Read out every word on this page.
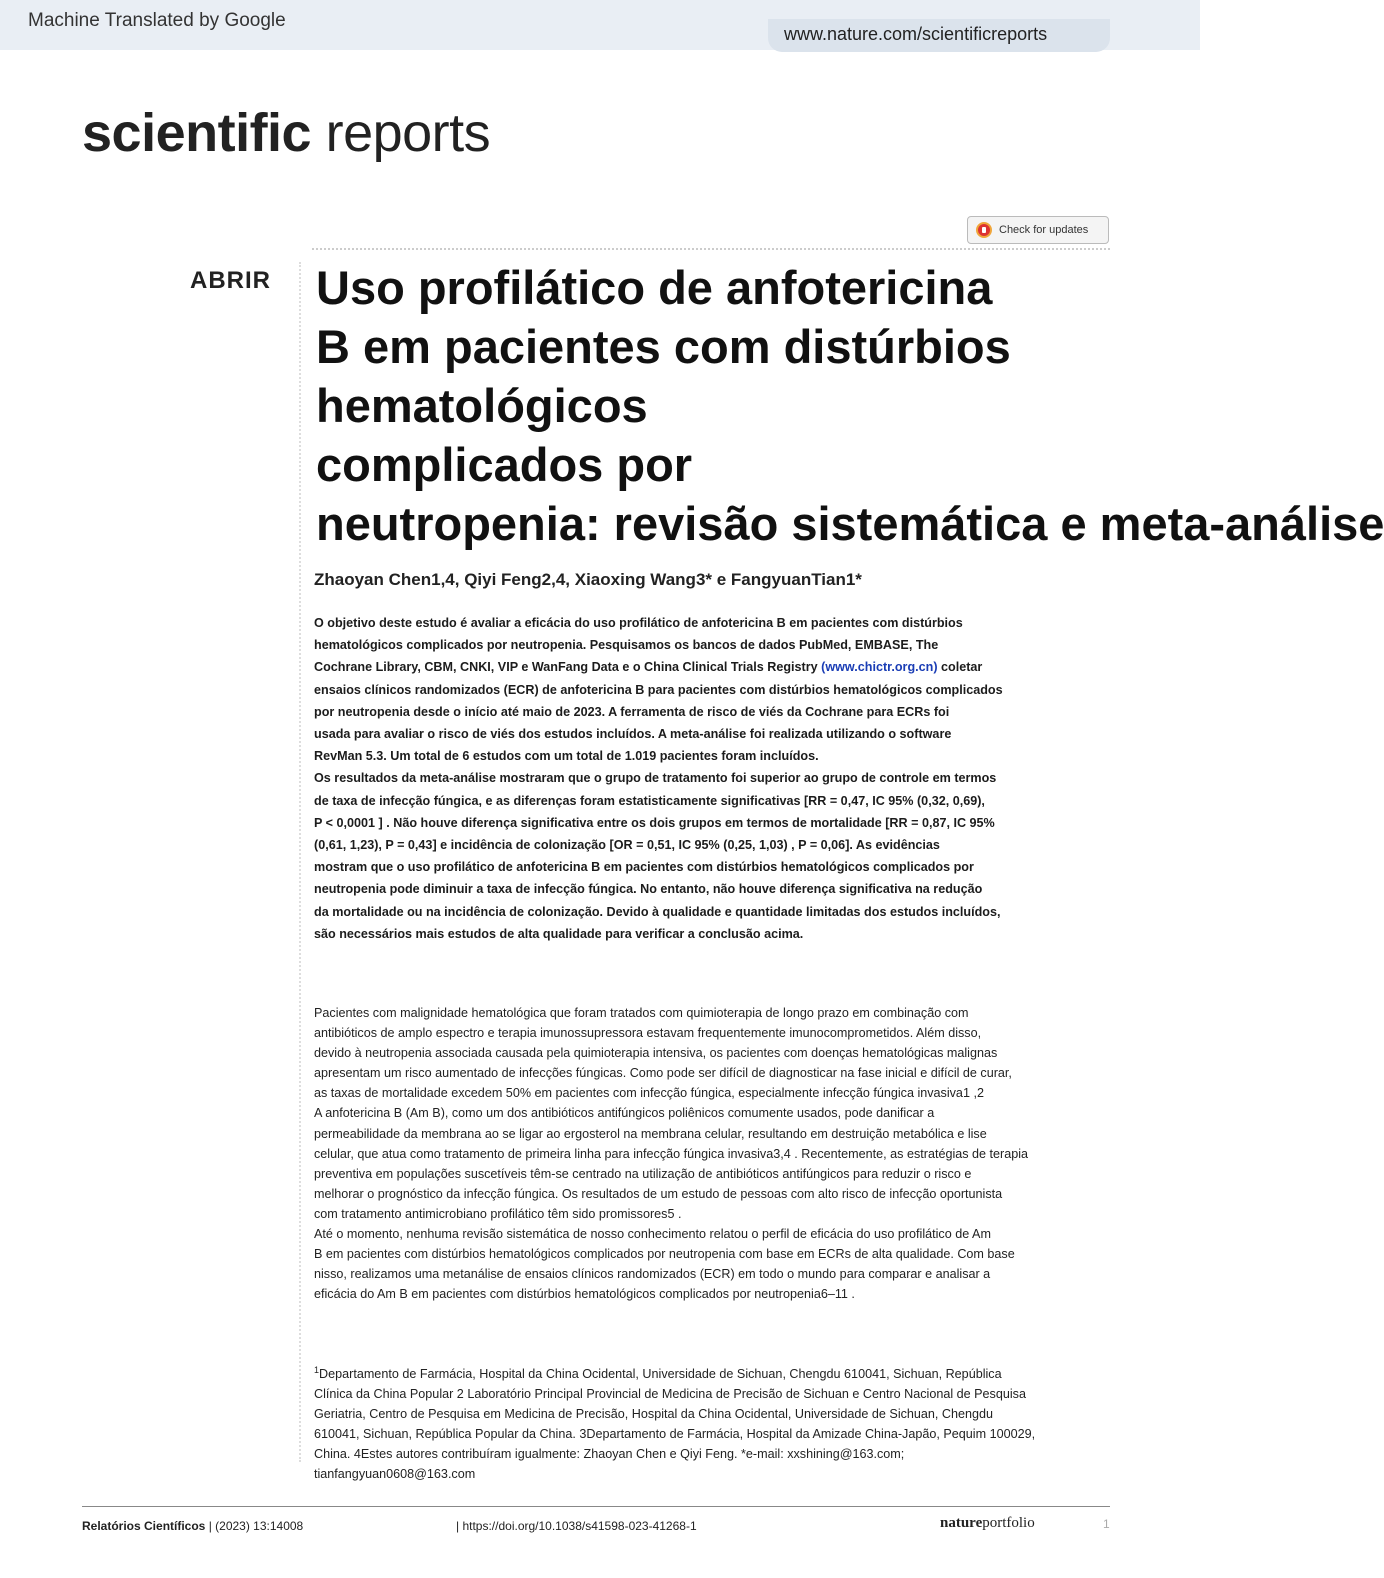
Machine Translated by Google
www.nature.com/scientificreports
scientific reports
Check for updates
ABRIR Uso profilático de anfotericina
B em pacientes com distúrbios
hematológicos
complicados por
neutropenia: revisão sistemática e meta-análise
Zhaoyan Chen1,4, Qiyi Feng2,4, Xiaoxing Wang3* e FangyuanTian1*
O objetivo deste estudo é avaliar a eficácia do uso profilático de anfotericina B em pacientes com distúrbios
hematológicos complicados por neutropenia. Pesquisamos os bancos de dados PubMed, EMBASE, The
Cochrane Library, CBM, CNKI, VIP e WanFang Data e o China Clinical Trials Registry (www.chictr.org.cn) coletar
ensaios clínicos randomizados (ECR) de anfotericina B para pacientes com distúrbios hematológicos complicados
por neutropenia desde o início até maio de 2023. A ferramenta de risco de viés da Cochrane para ECRs foi
usada para avaliar o risco de viés dos estudos incluídos. A meta-análise foi realizada utilizando o software
RevMan 5.3. Um total de 6 estudos com um total de 1.019 pacientes foram incluídos.
Os resultados da meta-análise mostraram que o grupo de tratamento foi superior ao grupo de controle em termos
de taxa de infecção fúngica, e as diferenças foram estatisticamente significativas [RR = 0,47, IC 95% (0,32, 0,69),
P < 0,0001 ] . Não houve diferença significativa entre os dois grupos em termos de mortalidade [RR = 0,87, IC 95%
(0,61, 1,23), P = 0,43] e incidência de colonização [OR = 0,51, IC 95% (0,25, 1,03) , P = 0,06]. As evidências
mostram que o uso profilático de anfotericina B em pacientes com distúrbios hematológicos complicados por
neutropenia pode diminuir a taxa de infecção fúngica. No entanto, não houve diferença significativa na redução
da mortalidade ou na incidência de colonização. Devido à qualidade e quantidade limitadas dos estudos incluídos,
são necessários mais estudos de alta qualidade para verificar a conclusão acima.
Pacientes com malignidade hematológica que foram tratados com quimioterapia de longo prazo em combinação com
antibióticos de amplo espectro e terapia imunossupressora estavam frequentemente imunocomprometidos. Além disso,
devido à neutropenia associada causada pela quimioterapia intensiva, os pacientes com doenças hematológicas malignas
apresentam um risco aumentado de infecções fúngicas. Como pode ser difícil de diagnosticar na fase inicial e difícil de curar,
as taxas de mortalidade excedem 50% em pacientes com infecção fúngica, especialmente infecção fúngica invasiva1 ,2
A anfotericina B (Am B), como um dos antibióticos antifúngicos poliênicos comumente usados, pode danificar a
permeabilidade da membrana ao se ligar ao ergosterol na membrana celular, resultando em destruição metabólica e lise
celular, que atua como tratamento de primeira linha para infecção fúngica invasiva3,4 . Recentemente, as estratégias de terapia
preventiva em populações suscetíveis têm-se centrado na utilização de antibióticos antifúngicos para reduzir o risco e
melhorar o prognóstico da infecção fúngica. Os resultados de um estudo de pessoas com alto risco de infecção oportunista
com tratamento antimicrobiano profilático têm sido promissores5 .
Até o momento, nenhuma revisão sistemática de nosso conhecimento relatou o perfil de eficácia do uso profilático de Am
B em pacientes com distúrbios hematológicos complicados por neutropenia com base em ECRs de alta qualidade. Com base
nisso, realizamos uma metanálise de ensaios clínicos randomizados (ECR) em todo o mundo para comparar e analisar a
eficácia do Am B em pacientes com distúrbios hematológicos complicados por neutropenia6–11 .
$^1$Departamento de Farmácia, Hospital da China Ocidental, Universidade de Sichuan, Chengdu 610041, Sichuan, República
Clínica da China Popular 2 Laboratório Principal Provincial de Medicina de Precisão de Sichuan e Centro Nacional de Pesquisa
Geriatria, Centro de Pesquisa em Medicina de Precisão, Hospital da China Ocidental, Universidade de Sichuan, Chengdu
610041, Sichuan, República Popular da China. 3Departamento de Farmácia, Hospital da Amizade China-Japão, Pequim 100029,
China. 4Estes autores contribuíram igualmente: Zhaoyan Chen e Qiyi Feng. *e-mail: xxshining@163.com;
tianfangyuan0608@163.com
Relatórios Científicos | (2023) 13:14008	| https://doi.org/10.1038/s41598-023-41268-1	natureportfolio	1
